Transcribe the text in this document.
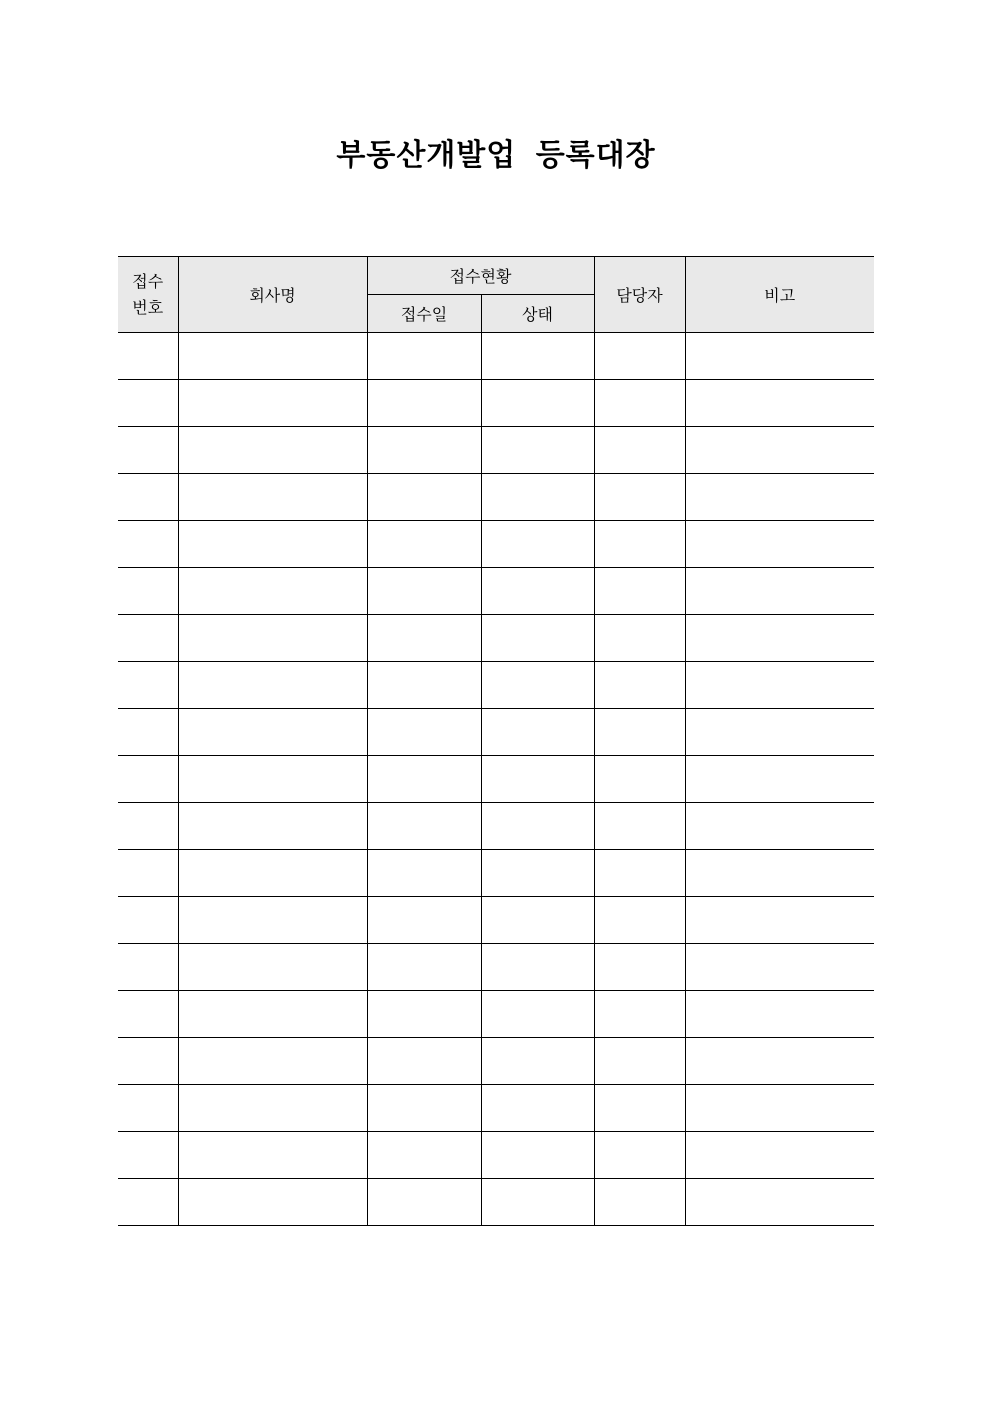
부동산개발업 등록대장
접수
번호	회사명	접수현황		담당자	비고
		접수일	상태		
